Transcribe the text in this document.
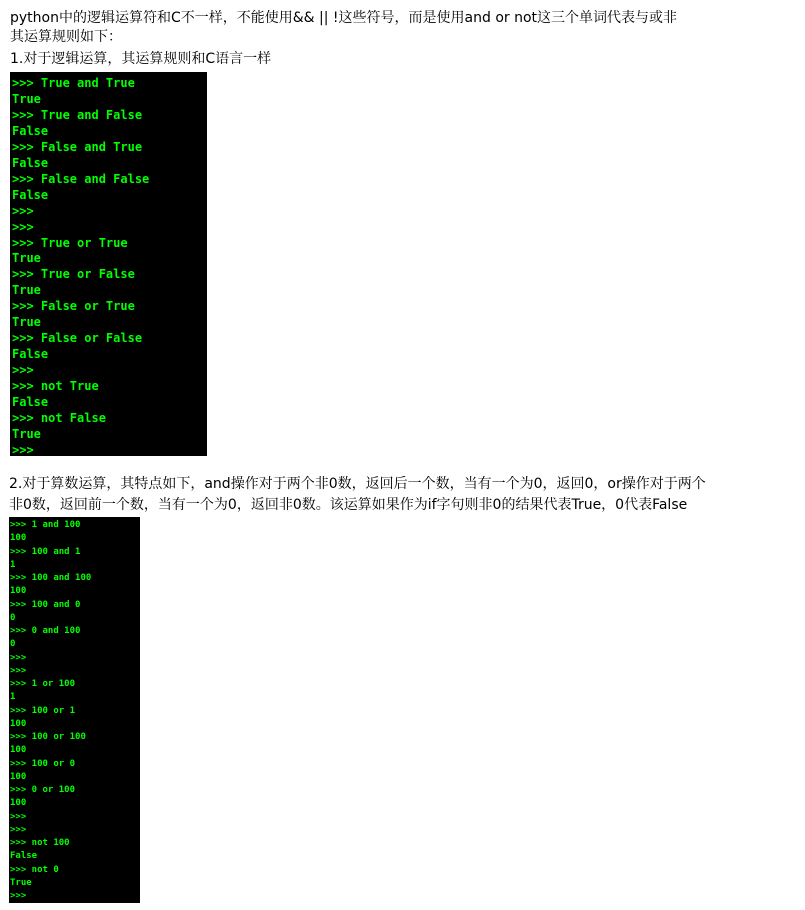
python中的逻辑运算符和C不一样，不能使用&& || !这些符号，而是使用and or not这三个单词代表与或非

其运算规则如下：

1.对于逻辑运算，其运算规则和C语言一样

>>> True and True
True
>>> True and False
False
>>> False and True
False
>>> False and False
False
>>>
>>>
>>> True or True
True
>>> True or False
True
>>> False or True
True
>>> False or False
False
>>>
>>> not True
False
>>> not False
True
>>>

2.对于算数运算，其特点如下，and操作对于两个非0数，返回后一个数，当有一个为0，返回0，or操作对于两个

非0数，返回前一个数，当有一个为0，返回非0数。该运算如果作为if字句则非0的结果代表True，0代表False

>>> 1 and 100
100
>>> 100 and 1
1
>>> 100 and 100
100
>>> 100 and 0
0
>>> 0 and 100
0
>>>
>>>
>>> 1 or 100
1
>>> 100 or 1
100
>>> 100 or 100
100
>>> 100 or 0
100
>>> 0 or 100
100
>>>
>>>
>>> not 100
False
>>> not 0
True
>>>
